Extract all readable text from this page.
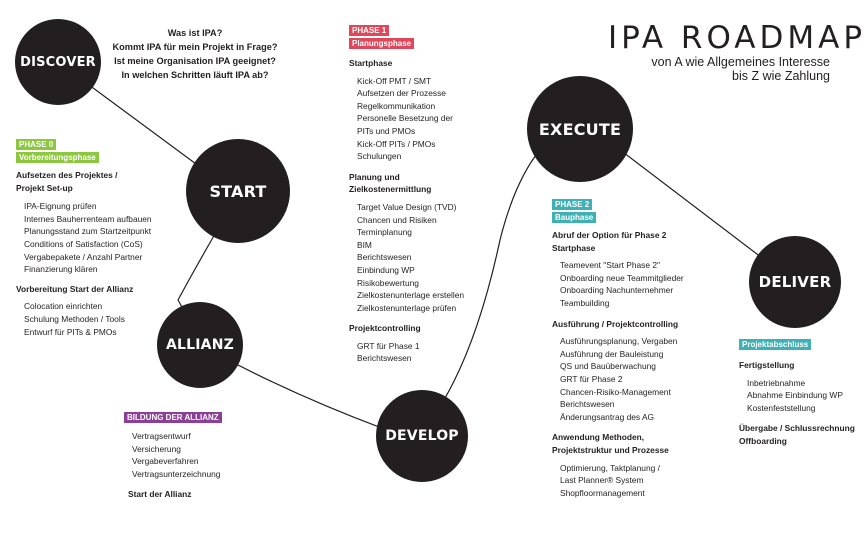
DISCOVER
START
ALLIANZ
DEVELOP
EXECUTE
DELIVER
IPA ROADMAP
von A wie Allgemeines Interesse
bis Z wie Zahlung
Was ist IPA?
Kommt IPA für mein Projekt in Frage?
Ist meine Organisation IPA geeignet?
In welchen Schritten läuft IPA ab?
PHASE 0
Vorbereitungsphase
Aufsetzen des Projektes /
Projekt Set-up
IPA-Eignung prüfen
Internes Bauherrenteam aufbauen
Planungsstand zum Startzeitpunkt
Conditions of Satisfaction (CoS)
Vergabepakete / Anzahl Partner
Finanzierung klären
Vorbereitung Start der Allianz
Colocation einrichten
Schulung Methoden / Tools
Entwurf für PITs & PMOs
BILDUNG DER ALLIANZ
Vertragsentwurf
Versicherung
Vergabeverfahren
Vertragsunterzeichnung
Start der Allianz
PHASE 1
Planungsphase
Startphase
Kick-Off PMT / SMT
Aufsetzen der Prozesse
Regelkommunikation
Personelle Besetzung der
PITs und PMOs
Kick-Off PITs / PMOs
Schulungen
Planung und
Zielkostenermittlung
Target Value Design (TVD)
Chancen und Risiken
Terminplanung
BIM
Berichtswesen
Einbindung WP
Risikobewertung
Zielkostenunterlage erstellen
Zielkostenunterlage prüfen
Projektcontrolling
GRT für Phase 1
Berichtswesen
PHASE 2
Bauphase
Abruf der Option für Phase 2
Startphase
Teamevent "Start Phase 2"
Onboarding neue Teammitglieder
Onboarding Nachunternehmer
Teambuilding
Ausführung / Projektcontrolling
Ausführungsplanung, Vergaben
Ausführung der Bauleistung
QS und Bauüberwachung
GRT für Phase 2
Chancen-Risiko-Management
Berichtswesen
Änderungsantrag des AG
Anwendung Methoden,
Projektstruktur und Prozesse
Optimierung, Taktplanung /
Last Planner® System
Shopfloormanagement
Projektabschluss
Fertigstellung
Inbetriebnahme
Abnahme Einbindung WP
Kostenfeststellung
Übergabe / Schlussrechnung
Offboarding
